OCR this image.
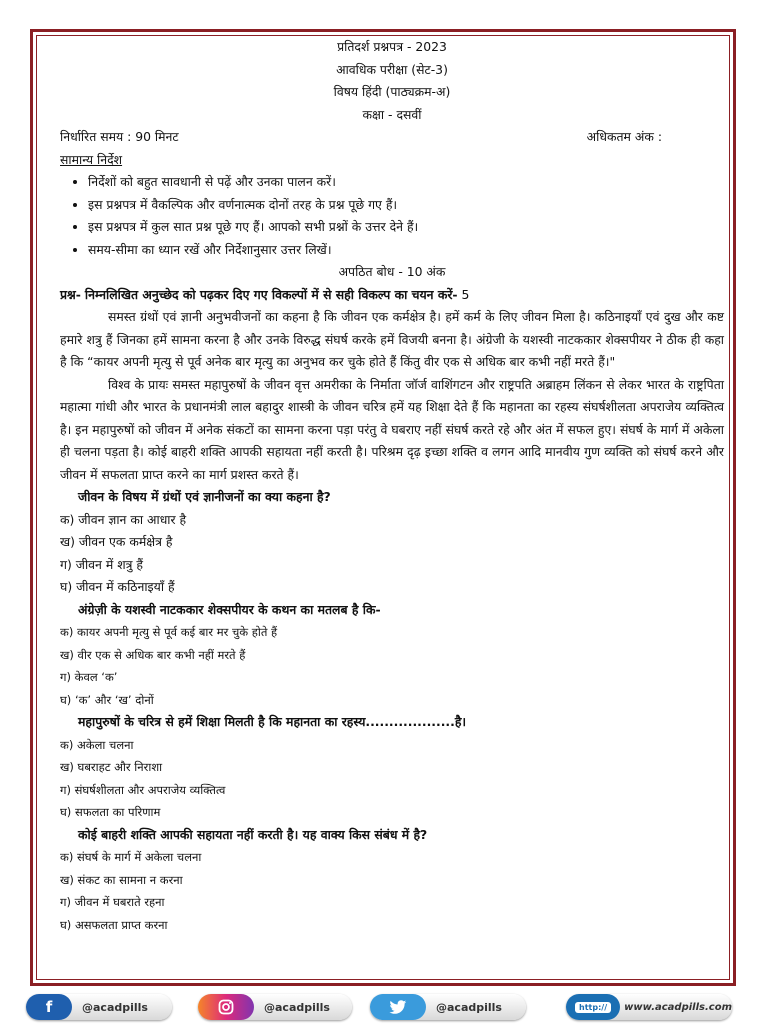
प्रतिदर्श प्रश्नपत्र - 2023
आवधिक परीक्षा (सेट-3)
विषय हिंदी (पाठ्यक्रम-अ)
कक्षा - दसवीं
निर्धारित समय : 90 मिनट	अधिकतम अंक :
सामान्य निर्देश
• निर्देशों को बहुत सावधानी से पढ़ें और उनका पालन करें।
• इस प्रश्नपत्र में वैकल्पिक और वर्णनात्मक दोनों तरह के प्रश्न पूछे गए हैं।
• इस प्रश्नपत्र में कुल सात प्रश्न पूछे गए हैं। आपको सभी प्रश्नों के उत्तर देने हैं।
• समय-सीमा का ध्यान रखें और निर्देशानुसार उत्तर लिखें।
अपठित बोध - 10 अंक
प्रश्न- निम्नलिखित अनुच्छेद को पढ़कर दिए गए विकल्पों में से सही विकल्प का चयन करें- 5

समस्त ग्रंथों एवं ज्ञानी अनुभवीजनों का कहना है कि जीवन एक कर्मक्षेत्र है। हमें कर्म के लिए जीवन मिला है। कठिनाइयाँ एवं दुख और कष्ट हमारे शत्रु हैं जिनका हमें सामना करना है और उनके विरुद्ध संघर्ष करके हमें विजयी बनना है। अंग्रेजी के यशस्वी नाटककार शेक्सपीयर ने ठीक ही कहा है कि “कायर अपनी मृत्यु से पूर्व अनेक बार मृत्यु का अनुभव कर चुके होते हैं किंतु वीर एक से अधिक बार कभी नहीं मरते हैं।"

विश्व के प्रायः समस्त महापुरुषों के जीवन वृत्त अमरीका के निर्माता जॉर्ज वाशिंगटन और राष्ट्रपति अब्राहम लिंकन से लेकर भारत के राष्ट्रपिता महात्मा गांधी और भारत के प्रधानमंत्री लाल बहादुर शास्त्री के जीवन चरित्र हमें यह शिक्षा देते हैं कि महानता का रहस्य संघर्षशीलता अपराजेय व्यक्तित्व है। इन महापुरुषों को जीवन में अनेक संकटों का सामना करना पड़ा परंतु वे घबराए नहीं संघर्ष करते रहे और अंत में सफल हुए। संघर्ष के मार्ग में अकेला ही चलना पड़ता है। कोई बाहरी शक्ति आपकी सहायता नहीं करती है। परिश्रम दृढ़ इच्छा शक्ति व लगन आदि मानवीय गुण व्यक्ति को संघर्ष करने और जीवन में सफलता प्राप्त करने का मार्ग प्रशस्त करते हैं।

जीवन के विषय में ग्रंथों एवं ज्ञानीजनों का क्या कहना है?
क) जीवन ज्ञान का आधार है
ख) जीवन एक कर्मक्षेत्र है
ग) जीवन में शत्रु हैं
घ) जीवन में कठिनाइयाँ हैं
अंग्रेज़ी के यशस्वी नाटककार शेक्सपीयर के कथन का मतलब है कि-
क) कायर अपनी मृत्यु से पूर्व कई बार मर चुके होते हैं
ख) वीर एक से अधिक बार कभी नहीं मरते हैं
ग) केवल ‘क’
घ) ‘क’ और ‘ख’ दोनों
महापुरुषों के चरित्र से हमें शिक्षा मिलती है कि महानता का रहस्य...................है।
क) अकेला चलना
ख) घबराहट और निराशा
ग) संघर्षशीलता और अपराजेय व्यक्तित्व
घ) सफलता का परिणाम
कोई बाहरी शक्ति आपकी सहायता नहीं करती है। यह वाक्य किस संबंध में है?
क) संघर्ष के मार्ग में अकेला चलना
ख) संकट का सामना न करना
ग) जीवन में घबराते रहना
घ) असफलता प्राप्त करना
f	@acadpills	@acadpills	@acadpills	http://	www.acadpills.com
